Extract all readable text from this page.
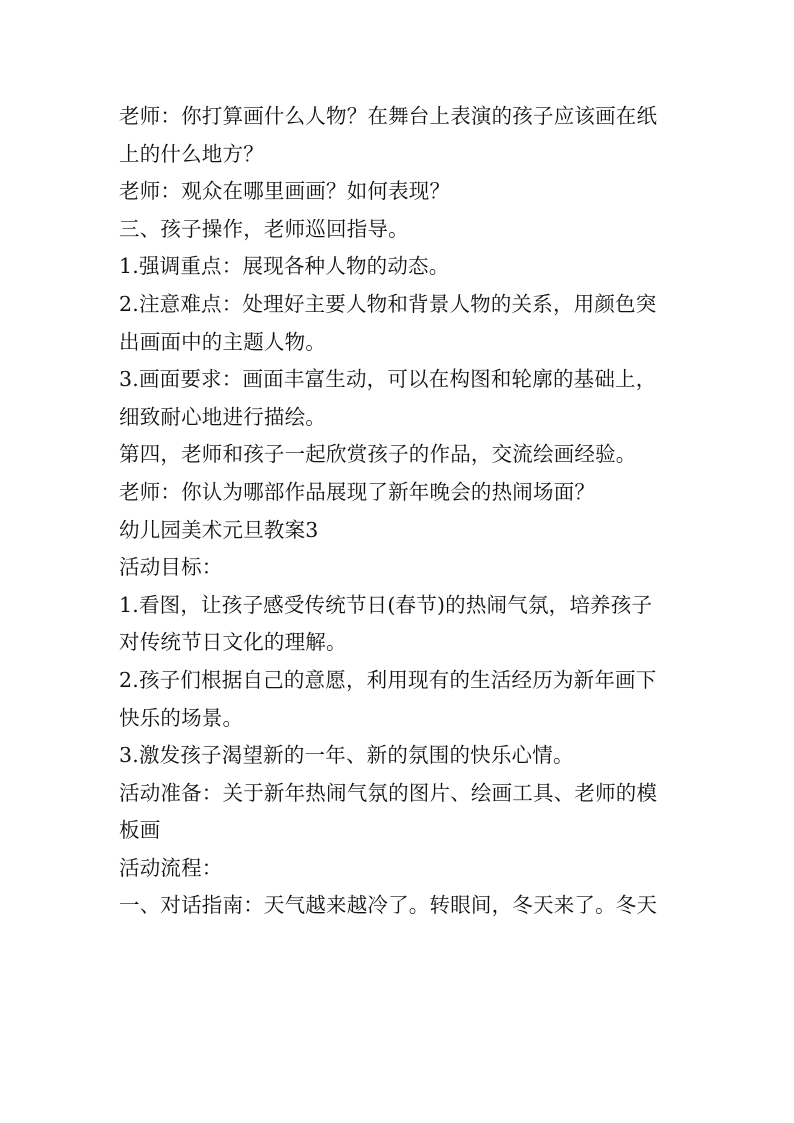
老师：你打算画什么人物？在舞台上表演的孩子应该画在纸
上的什么地方？
老师：观众在哪里画画？如何表现？
三、孩子操作，老师巡回指导。
1.强调重点：展现各种人物的动态。
2.注意难点：处理好主要人物和背景人物的关系，用颜色突
出画面中的主题人物。
3.画面要求：画面丰富生动，可以在构图和轮廓的基础上，
细致耐心地进行描绘。
第四，老师和孩子一起欣赏孩子的作品，交流绘画经验。
老师：你认为哪部作品展现了新年晚会的热闹场面？
幼儿园美术元旦教案3
活动目标：
1.看图，让孩子感受传统节日(春节)的热闹气氛，培养孩子
对传统节日文化的理解。
2.孩子们根据自己的意愿，利用现有的生活经历为新年画下
快乐的场景。
3.激发孩子渴望新的一年、新的氛围的快乐心情。
活动准备：关于新年热闹气氛的图片、绘画工具、老师的模
板画
活动流程：
一、对话指南：天气越来越冷了。转眼间，冬天来了。冬天
